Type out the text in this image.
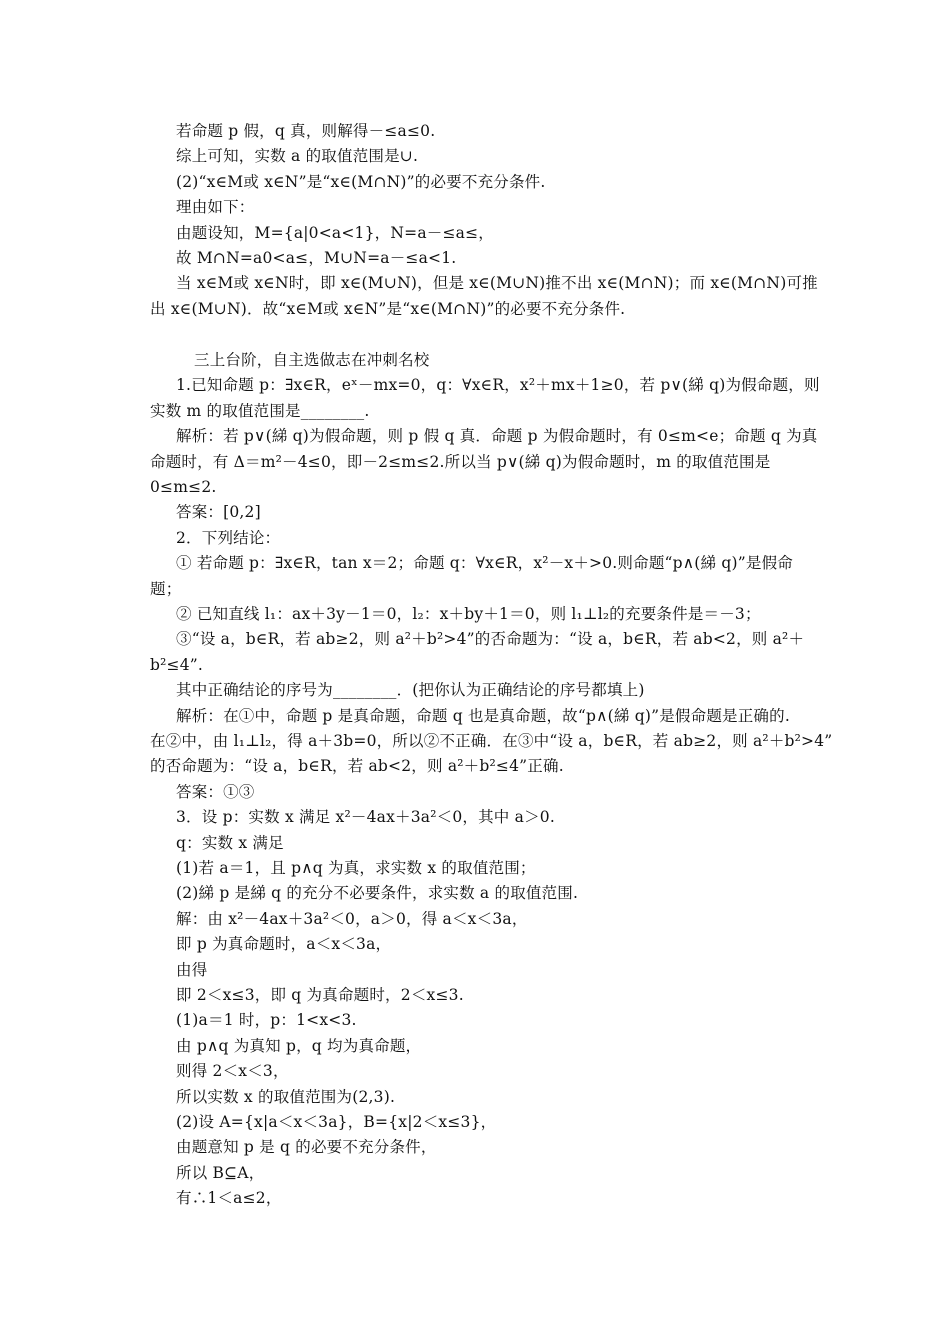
若命题 p 假，q 真，则解得－≤a≤0.
综上可知，实数 a 的取值范围是∪.
(2)“x∈M或 x∈N”是“x∈(M∩N)”的必要不充分条件.
理由如下：
由题设知，M={a|0<a<1}，N=a－≤a≤，
故 M∩N=a0<a≤，M∪N=a－≤a<1.
当 x∈M或 x∈N时，即 x∈(M∪N)，但是 x∈(M∪N)推不出 x∈(M∩N)；而 x∈(M∩N)可推
出 x∈(M∪N)．故“x∈M或 x∈N”是“x∈(M∩N)”的必要不充分条件.
三上台阶，自主选做志在冲刺名校
1.已知命题 p：∃x∈R，eˣ－mx=0，q：∀x∈R，x²＋mx＋1≥0，若 p∨(綈 q)为假命题，则
实数 m 的取值范围是________.
解析：若 p∨(綈 q)为假命题，则 p 假 q 真．命题 p 为假命题时，有 0≤m<e；命题 q 为真
命题时，有 Δ＝m²－4≤0，即－2≤m≤2.所以当 p∨(綈 q)为假命题时，m 的取值范围是
0≤m≤2.
答案：[0,2]
2．下列结论：
① 若命题 p：∃x∈R，tan x＝2；命题 q：∀x∈R，x²－x＋>0.则命题“p∧(綈 q)”是假命
题；
② 已知直线 l₁：ax＋3y－1＝0，l₂：x＋by＋1＝0，则 l₁⊥l₂的充要条件是＝－3；
③“设 a，b∈R，若 ab≥2，则 a²＋b²>4”的否命题为：“设 a，b∈R，若 ab<2，则 a²＋
b²≤4”.
其中正确结论的序号为________．(把你认为正确结论的序号都填上)
解析：在①中，命题 p 是真命题，命题 q 也是真命题，故“p∧(綈 q)”是假命题是正确的.
在②中，由 l₁⊥l₂，得 a＋3b=0，所以②不正确．在③中“设 a，b∈R，若 ab≥2，则 a²＋b²>4”
的否命题为：“设 a，b∈R，若 ab<2，则 a²＋b²≤4”正确.
答案：①③
3．设 p：实数 x 满足 x²－4ax＋3a²＜0，其中 a＞0.
q：实数 x 满足
(1)若 a＝1，且 p∧q 为真，求实数 x 的取值范围；
(2)綈 p 是綈 q 的充分不必要条件，求实数 a 的取值范围.
解：由 x²－4ax＋3a²＜0，a＞0，得 a＜x＜3a，
即 p 为真命题时，a＜x＜3a，
由得
即 2＜x≤3，即 q 为真命题时，2＜x≤3.
(1)a＝1 时，p：1<x<3.
由 p∧q 为真知 p，q 均为真命题，
则得 2＜x＜3，
所以实数 x 的取值范围为(2,3).
(2)设 A={x|a＜x＜3a}，B={x|2＜x≤3}，
由题意知 p 是 q 的必要不充分条件，
所以 B⊆A，
有∴1＜a≤2，
